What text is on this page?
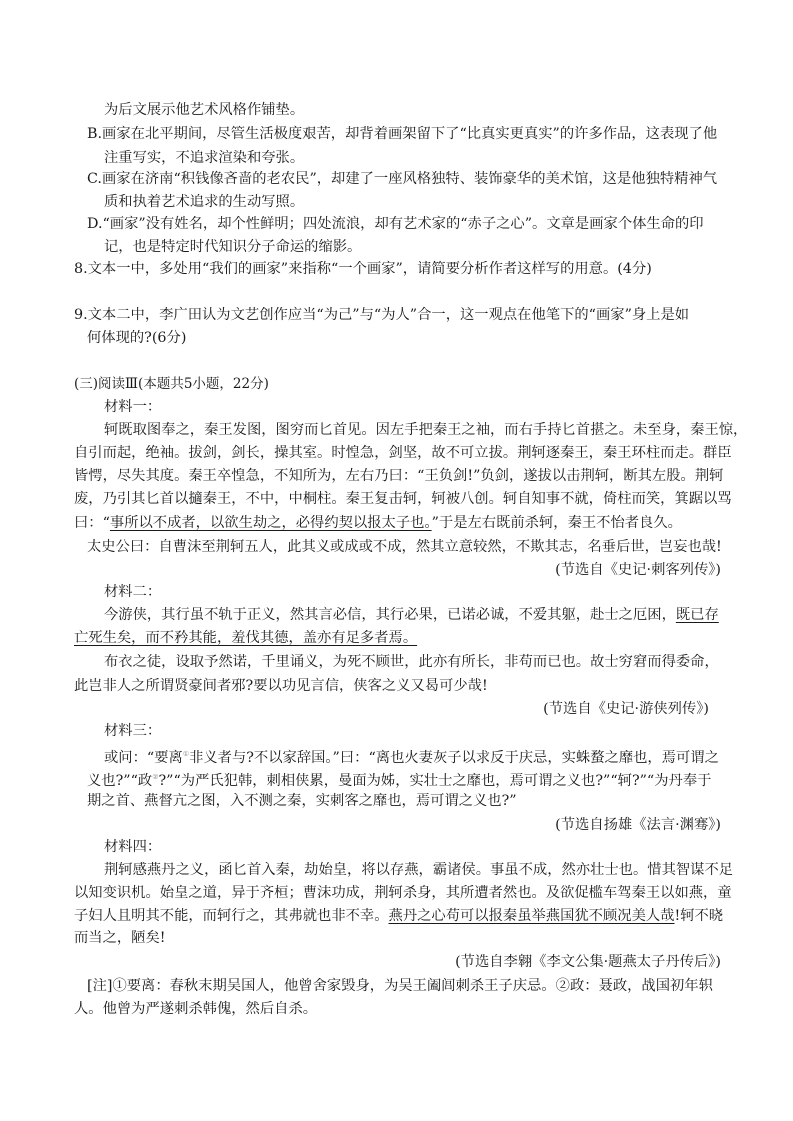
为后文展示他艺术风格作铺垫。
B.画家在北平期间，尽管生活极度艰苦，却背着画架留下了“比真实更真实”的许多作品，这表现了他
注重写实，不追求渲染和夸张。
C.画家在济南“积钱像吝啬的老农民”，却建了一座风格独特、装饰豪华的美术馆，这是他独特精神气
质和执着艺术追求的生动写照。
D.“画家”没有姓名，却个性鲜明；四处流浪，却有艺术家的“赤子之心”。文章是画家个体生命的印
记，也是特定时代知识分子命运的缩影。
8.文本一中，多处用“我们的画家”来指称“一个画家”，请简要分析作者这样写的用意。(4分)
9.文本二中，李广田认为文艺创作应当“为己”与“为人”合一，这一观点在他笔下的“画家”身上是如
何体现的?(6分)
(三)阅读Ⅲ(本题共5小题，22分)
材料一：
轲既取图奉之，秦王发图，图穷而匕首见。因左手把秦王之袖，而右手持匕首揕之。未至身，秦王惊，
自引而起，绝袖。拔剑，剑长，操其室。时惶急，剑坚，故不可立拔。荆轲逐秦王，秦王环柱而走。群臣
皆愕，尽失其度。秦王卒惶急，不知所为，左右乃曰：“王负剑!”负剑，遂拔以击荆轲，断其左股。荆轲
废，乃引其匕首以擿秦王，不中，中桐柱。秦王复击轲，轲被八创。轲自知事不就，倚柱而笑，箕踞以骂
曰：“事所以不成者，以欲生劫之，必得约契以报太子也。”于是左右既前杀轲，秦王不怡者良久。
太史公曰：自曹沫至荆轲五人，此其义或成或不成，然其立意较然，不欺其志，名垂后世，岂妄也哉!
(节选自《史记·刺客列传》)
材料二：
今游侠，其行虽不轨于正义，然其言必信，其行必果，已诺必诚，不爱其躯，赴士之厄困，既已存
亡死生矣，而不矜其能，羞伐其德，盖亦有足多者焉。
布衣之徒，设取予然诺，千里诵义，为死不顾世，此亦有所长，非苟而已也。故士穷窘而得委命，
此岂非人之所谓贤豪间者邪?要以功见言信，侠客之义又曷可少哉!
(节选自《史记·游侠列传》)
材料三：
或问：“要离①非义者与?不以家辞国。”曰：“离也火妻灰子以求反于庆忌，实蛛蝥之靡也，焉可谓之
义也?”“政②?”“为严氏犯韩，刺相侠累，曼面为姊，实壮士之靡也，焉可谓之义也?”“轲?”“为丹奉于
期之首、燕督亢之图，入不测之秦，实刺客之靡也，焉可谓之义也?”
(节选自扬雄《法言·渊骞》)
材料四：
荆轲感燕丹之义，函匕首入秦，劫始皇，将以存燕，霸诸侯。事虽不成，然亦壮士也。惜其智谋不足
以知变识机。始皇之道，异于齐桓；曹沫功成，荆轲杀身，其所遭者然也。及欲促槛车驾秦王以如燕，童
子妇人且明其不能，而轲行之，其弗就也非不幸。燕丹之心苟可以报秦虽举燕国犹不顾况美人哉!轲不晓
而当之，陋矣!
(节选自李翱《李文公集·题燕太子丹传后》)
[注]①要离：春秋末期吴国人，他曾舍家毁身，为吴王阖闾刺杀王子庆忌。②政：聂政，战国初年轵
人。他曾为严遂刺杀韩傀，然后自杀。
